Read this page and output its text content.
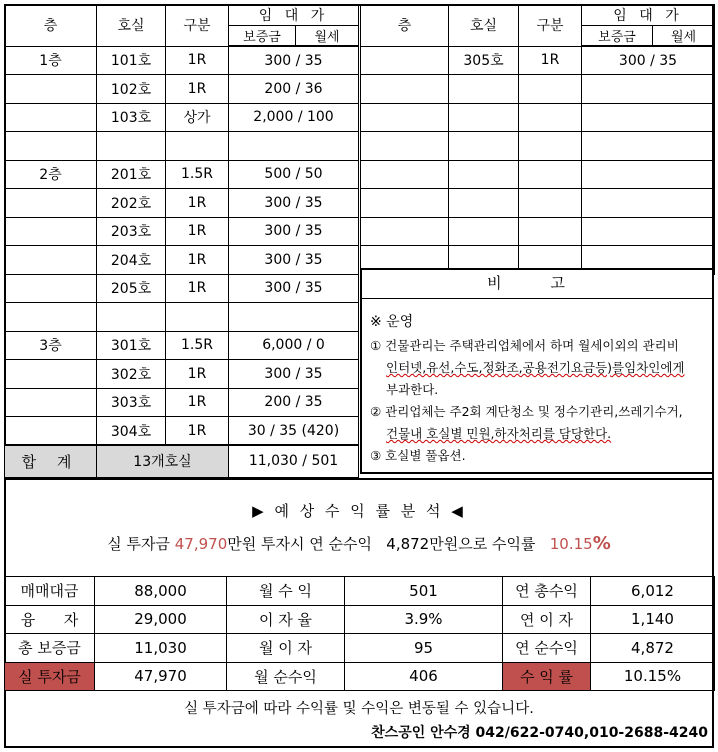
층	호실	구분	임 대 가	
			보증금	월세
1층	101호	1R	300 / 35	
	102호	1R	200 / 36	
	103호	상가	2,000 / 100	

2층	201호	1.5R	500 / 50	
	202호	1R	300 / 35	
	203호	1R	300 / 35	
	204호	1R	300 / 35	
	205호	1R	300 / 35	

3층	301호	1.5R	6,000 / 0	
	302호	1R	300 / 35	
	303호	1R	200 / 35	
	304호	1R	30 / 35 (420)	
합 계	13개호실		11,030 / 501	
층	호실	구분	임 대 가	
			보증금	월세
	305호	1R	300 / 35	

비 고
※ 운영
① 건물관리는 주택관리업체에서 하며 월세이외의 관리비
인터넷,유선,수도,정화조,공용전기요금등)를임차인에게
부과한다.
② 관리업체는 주2회 계단청소 및 정수기관리,쓰레기수거,
건물내 호실별 민원,하자처리를 담당한다.
③ 호실별 풀옵션.
▶ 예 상 수 익 률 분 석 ◀
실 투자금 47,970만원 투자시 연 순수익   4,872만원으로 수익률   10.15%
매매대금	88,000	월 수 익	501	연 총수익	6,012
융      자	29,000	이 자 율	3.9%	연 이 자	1,140
총 보증금	11,030	월 이 자	95	연 순수익	4,872
실 투자금	47,970	월 순수익	406	수 익 률	10.15%
실 투자금에 따라 수익률 및 수익은 변동될 수 있습니다.
찬스공인 안수경 042/622-0740,010-2688-4240
